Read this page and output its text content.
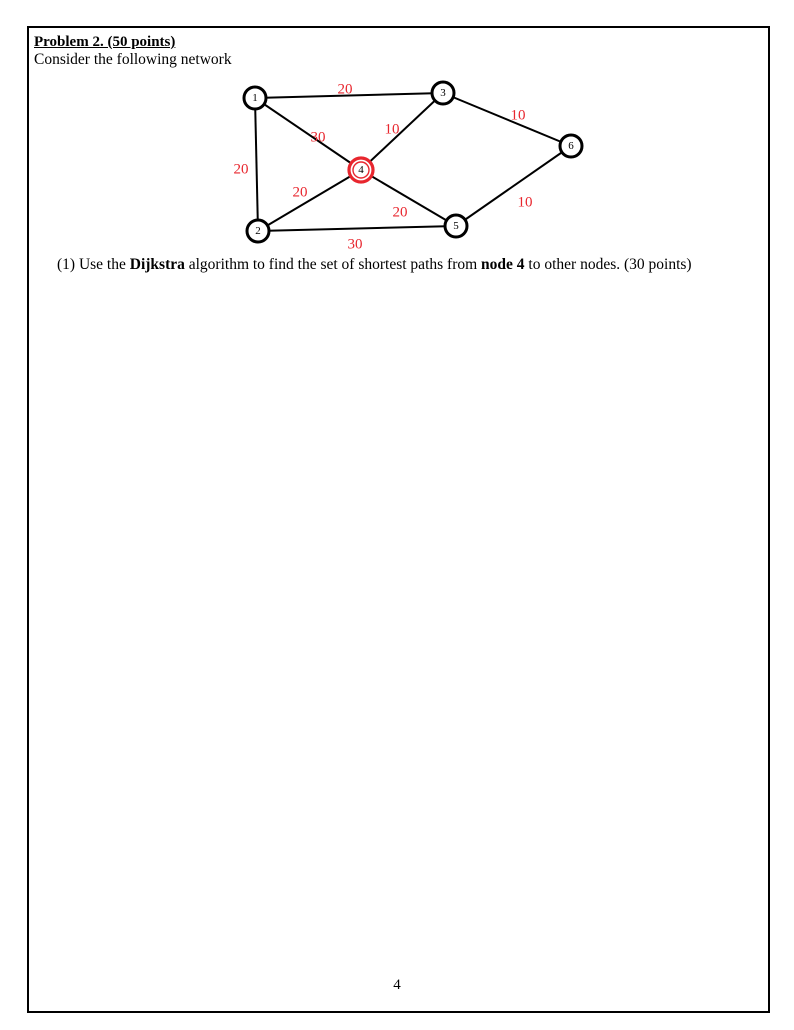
Problem 2. (50 points)
Consider the following network
20
30
20
10
10
20
20
10
30
1
2
3
4
5
6
(1) Use the Dijkstra algorithm to find the set of shortest paths from node 4 to other nodes. (30 points)
4
